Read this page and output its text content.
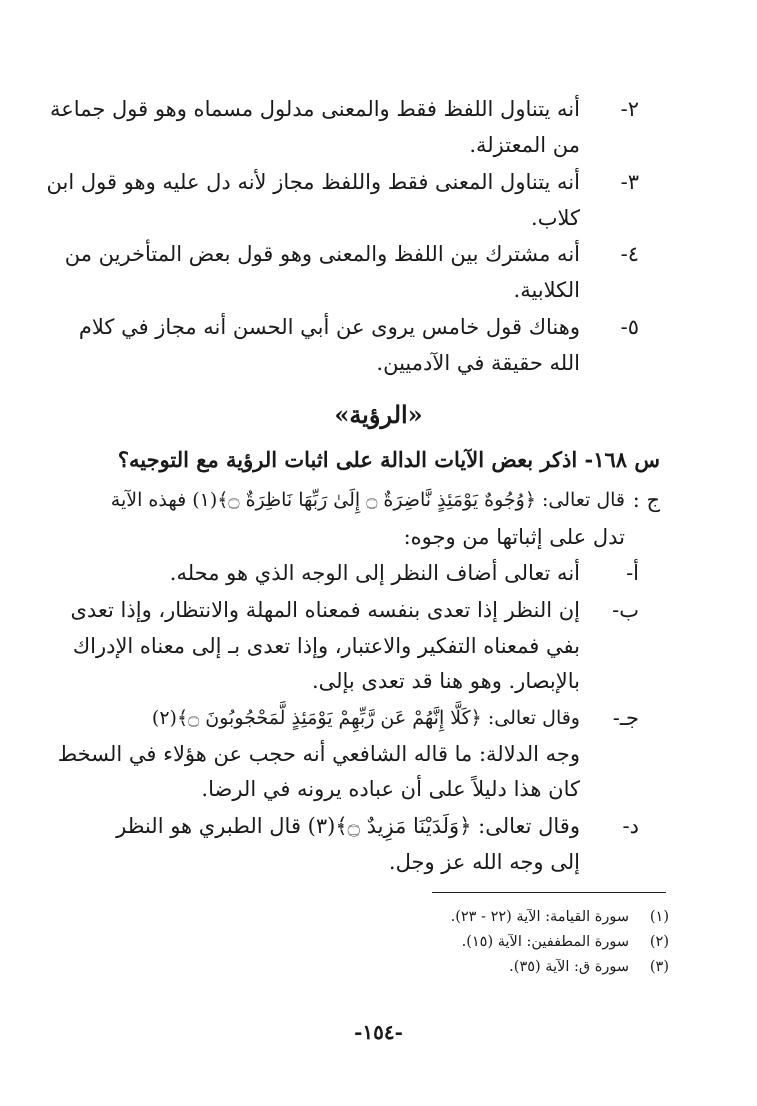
٢-
أنه يتناول اللفظ فقط والمعنى مدلول مسماه وهو قول جماعة
من المعتزلة.
٣-
أنه يتناول المعنى فقط واللفظ مجاز لأنه دل عليه وهو قول ابن
كلاب.
٤-
أنه مشترك بين اللفظ والمعنى وهو قول بعض المتأخرين من
الكلابية.
٥-
وهناك قول خامس يروى عن أبي الحسن أنه مجاز في كلام
الله حقيقة في الآدميين.
«الرؤية»
س ١٦٨- اذكر بعض الآيات الدالة على اثبات الرؤية مع التوجيه؟
ج :
قال تعالى: ﴿وُجُوهٌ يَوْمَئِذٍ نَّاضِرَةٌ ۝ إِلَىٰ رَبِّهَا نَاظِرَةٌ ۝﴾(١) فهذه الآية
تدل على إثباتها من وجوه:
أ-
أنه تعالى أضاف النظر إلى الوجه الذي هو محله.
ب-
إن النظر إذا تعدى بنفسه فمعناه المهلة والانتظار، وإذا تعدى
بفي فمعناه التفكير والاعتبار، وإذا تعدى بـ إلى معناه الإدراك
بالإبصار. وهو هنا قد تعدى بإلى.
جـ-
وقال تعالى: ﴿كَلَّا إِنَّهُمْ عَن رَّبِّهِمْ يَوْمَئِذٍ لَّمَحْجُوبُونَ ۝﴾(٢)
وجه الدلالة: ما قاله الشافعي أنه حجب عن هؤلاء في السخط
كان هذا دليلاً على أن عباده يرونه في الرضا.
د-
وقال تعالى: ﴿وَلَدَيْنَا مَزِيدٌ ۝﴾(٣) قال الطبري هو النظر
إلى وجه الله عز وجل.
(١)
سورة القيامة: الآية (٢٢ - ٢٣).
(٢)
سورة المطففين: الآية (١٥).
(٣)
سورة ق: الآية (٣٥).
-١٥٤-
